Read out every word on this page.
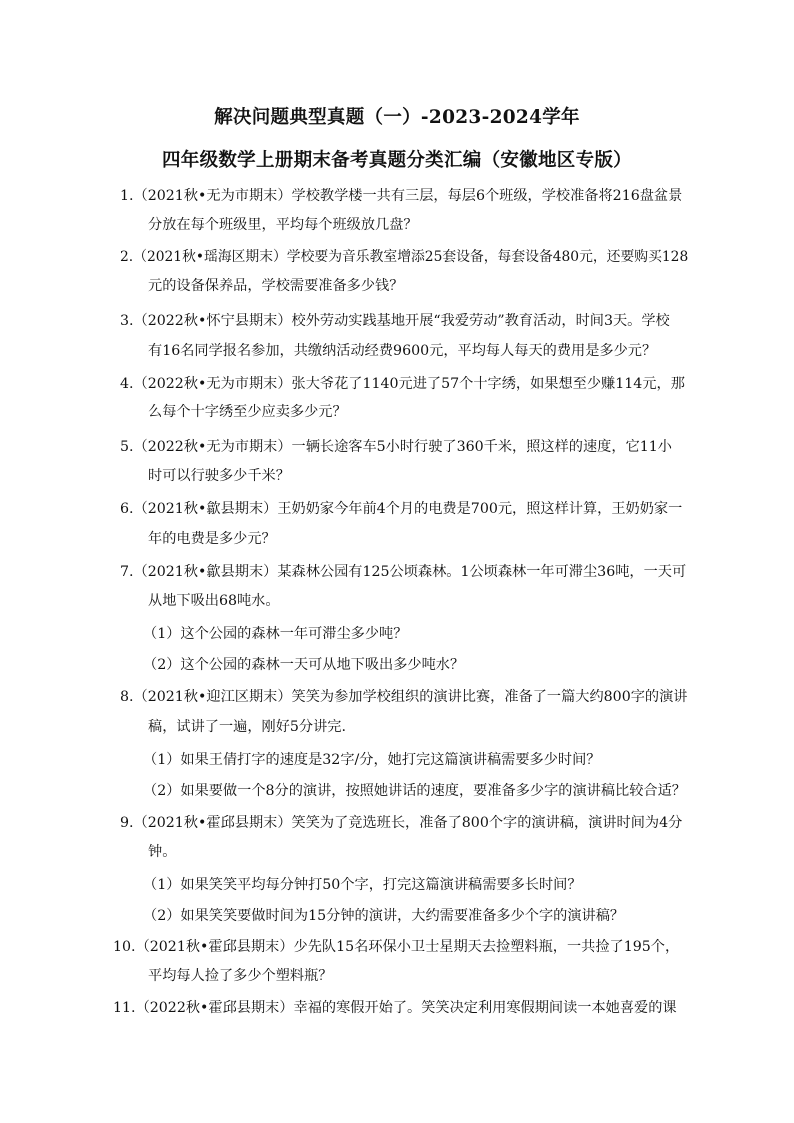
解决问题典型真题（一）-2023-2024学年
四年级数学上册期末备考真题分类汇编（安徽地区专版）
1.（2021秋•无为市期末）学校教学楼一共有三层，每层6个班级，学校准备将216盘盆景
分放在每个班级里，平均每个班级放几盘？
2.（2021秋•瑶海区期末）学校要为音乐教室增添25套设备，每套设备480元，还要购买128
元的设备保养品，学校需要准备多少钱？
3.（2022秋•怀宁县期末）校外劳动实践基地开展“我爱劳动”教育活动，时间3天。学校
有16名同学报名参加，共缴纳活动经费9600元，平均每人每天的费用是多少元？
4.（2022秋•无为市期末）张大爷花了1140元进了57个十字绣，如果想至少赚114元，那
么每个十字绣至少应卖多少元？
5.（2022秋•无为市期末）一辆长途客车5小时行驶了360千米，照这样的速度，它11小
时可以行驶多少千米？
6.（2021秋•歙县期末）王奶奶家今年前4个月的电费是700元，照这样计算，王奶奶家一
年的电费是多少元？
7.（2021秋•歙县期末）某森林公园有125公顷森林。1公顷森林一年可滞尘36吨，一天可
从地下吸出68吨水。
（1）这个公园的森林一年可滞尘多少吨？
（2）这个公园的森林一天可从地下吸出多少吨水？
8.（2021秋•迎江区期末）笑笑为参加学校组织的演讲比赛，准备了一篇大约800字的演讲
稿，试讲了一遍，刚好5分讲完.
（1）如果王倩打字的速度是32字/分，她打完这篇演讲稿需要多少时间？
（2）如果要做一个8分的演讲，按照她讲话的速度，要准备多少字的演讲稿比较合适？
9.（2021秋•霍邱县期末）笑笑为了竞选班长，准备了800个字的演讲稿，演讲时间为4分
钟。
（1）如果笑笑平均每分钟打50个字，打完这篇演讲稿需要多长时间？
（2）如果笑笑要做时间为15分钟的演讲，大约需要准备多少个字的演讲稿？
10.（2021秋•霍邱县期末）少先队15名环保小卫士星期天去捡塑料瓶，一共捡了195个，
平均每人捡了多少个塑料瓶？
11.（2022秋•霍邱县期末）幸福的寒假开始了。笑笑决定利用寒假期间读一本她喜爱的课
